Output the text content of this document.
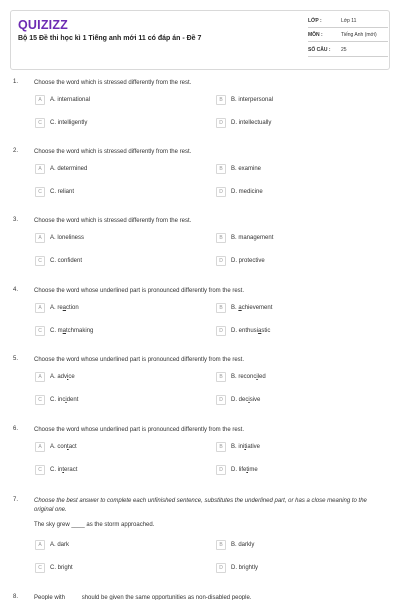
QUIZIZZ
Bộ 15 Đề thi học kì 1 Tiếng anh mới 11 có đáp án - Đề 7
LỚP :	Lớp 11
MÔN :	Tiếng Anh (mới)
SỐ CÂU : 25
1.	Choose the word which is stressed differently from the rest.
A	A. international	B	B. interpersonal
C	C. intelligently	D	D. intellectually
2.	Choose the word which is stressed differently from the rest.
A	A. determined	B	B. examine
C	C. reliant	D	D. medicine
3.	Choose the word which is stressed differently from the rest.
A	A. loneliness	B	B. management
C	C. confident	D	D. protective
4.	Choose the word whose underlined part is pronounced differently from the rest.
A	A. reaction	B	B. achievement
C	C. matchmaking	D	D. enthusiastic
5.	Choose the word whose underlined part is pronounced differently from the rest.
A	A. advice	B	B. reconciled
C	C. incident	D	D. decisive
6.	Choose the word whose underlined part is pronounced differently from the rest.
A	A. contact	B	B. initiative
C	C. interact	D	D. lifetime
7.	Choose the best answer to complete each unfinished sentence, substitutes the underlined part, or has a close meaning to the original one.
The sky grew ____ as the storm approached.
A	A. dark	B	B. darkly
C	C. bright	D	D. brightly
8.	People with ____ should be given the same opportunities as non-disabled people.
